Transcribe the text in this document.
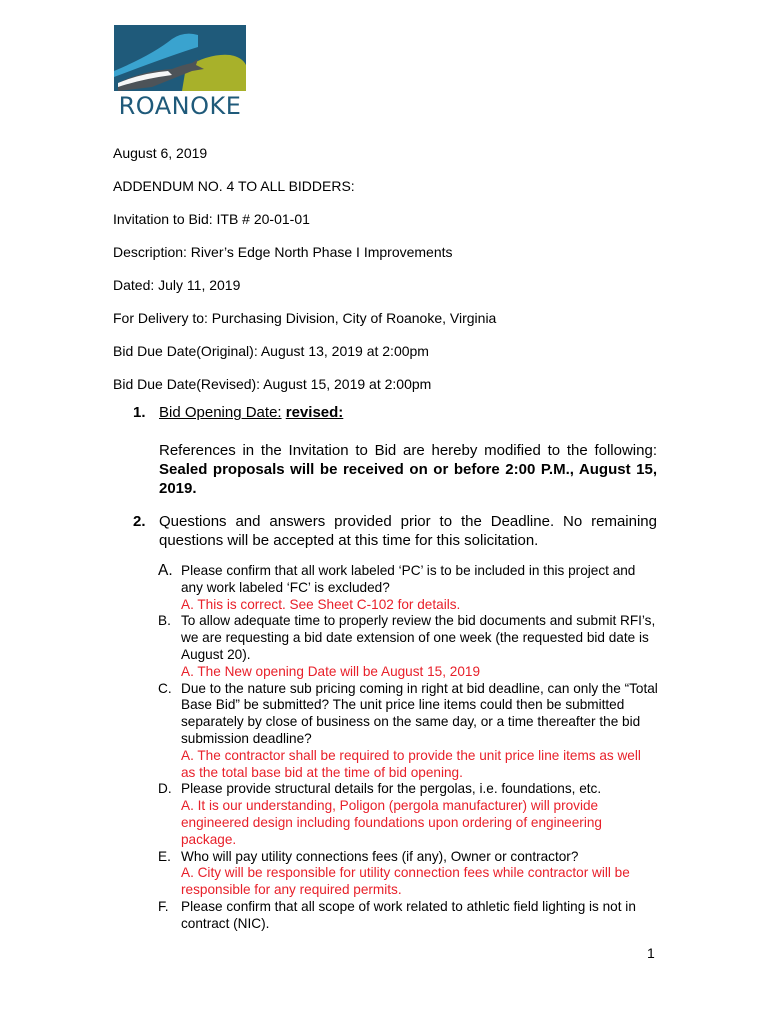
ROANOKE
August 6, 2019
ADDENDUM NO. 4 TO ALL BIDDERS:
Invitation to Bid: ITB # 20-01-01
Description: River’s Edge North Phase I Improvements
Dated: July 11, 2019
For Delivery to: Purchasing Division, City of Roanoke, Virginia
Bid Due Date(Original): August 13, 2019 at 2:00pm
Bid Due Date(Revised): August 15, 2019 at 2:00pm
1. Bid Opening Date: revised:
References in the Invitation to Bid are hereby modified to the following: Sealed proposals will be received on or before 2:00 P.M., August 15, 2019.
2. Questions and answers provided prior to the Deadline. No remaining questions will be accepted at this time for this solicitation.
A. Please confirm that all work labeled ‘PC’ is to be included in this project and any work labeled ‘FC’ is excluded?
A. This is correct. See Sheet C-102 for details.
B. To allow adequate time to properly review the bid documents and submit RFI’s, we are requesting a bid date extension of one week (the requested bid date is August 20).
A. The New opening Date will be August 15, 2019
C. Due to the nature sub pricing coming in right at bid deadline, can only the “Total Base Bid” be submitted? The unit price line items could then be submitted separately by close of business on the same day, or a time thereafter the bid submission deadline?
A. The contractor shall be required to provide the unit price line items as well as the total base bid at the time of bid opening.
D. Please provide structural details for the pergolas, i.e. foundations, etc.
A. It is our understanding, Poligon (pergola manufacturer) will provide engineered design including foundations upon ordering of engineering package.
E. Who will pay utility connections fees (if any), Owner or contractor?
A. City will be responsible for utility connection fees while contractor will be responsible for any required permits.
F. Please confirm that all scope of work related to athletic field lighting is not in contract (NIC).
1
